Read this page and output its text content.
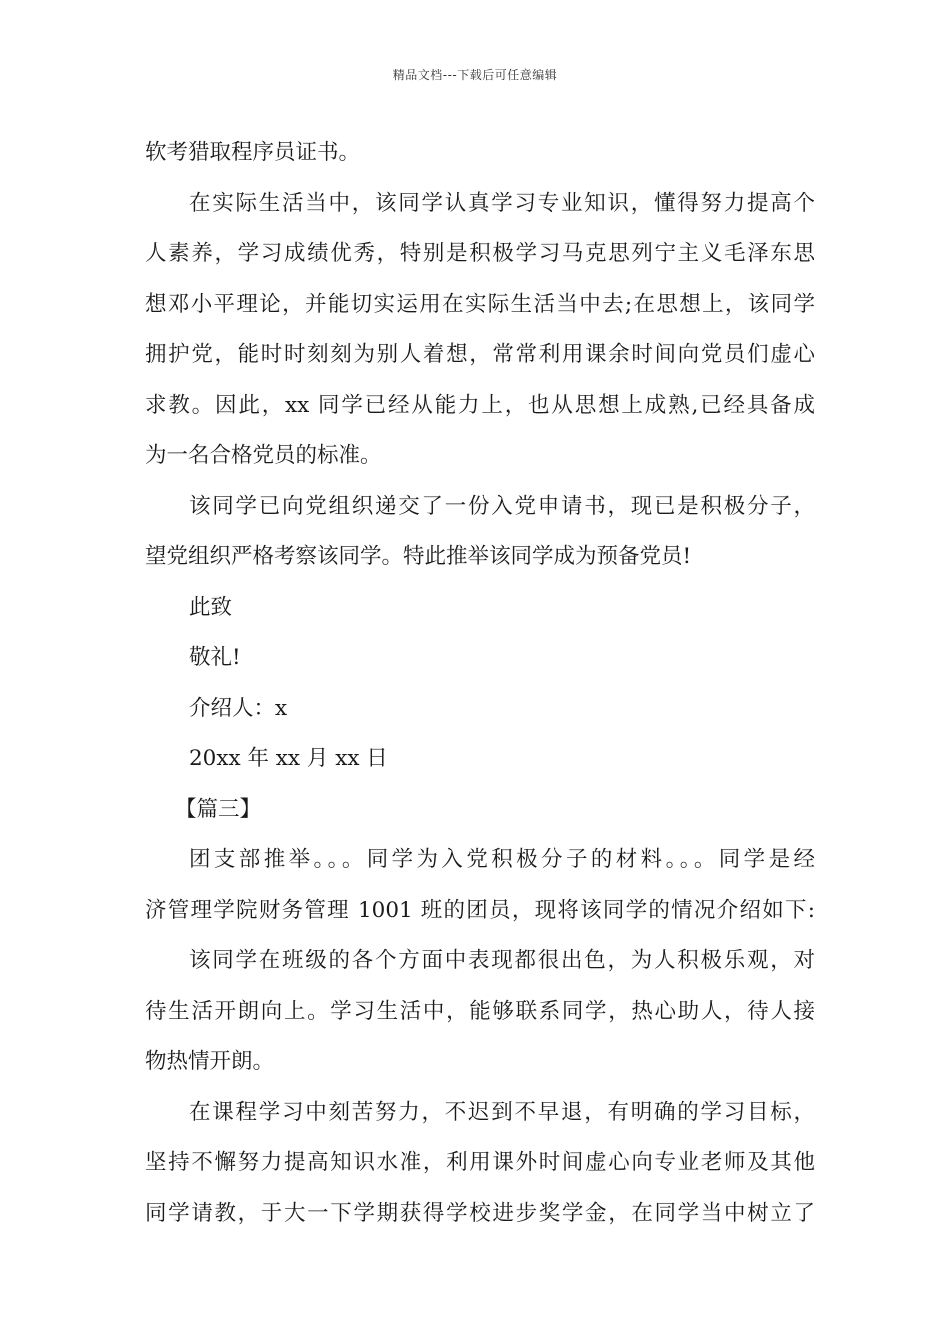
精品文档---下载后可任意编辑
软考猎取程序员证书。
在实际生活当中，该同学认真学习专业知识，懂得努力提高个
人素养，学习成绩优秀，特别是积极学习马克思列宁主义毛泽东思
想邓小平理论，并能切实运用在实际生活当中去;在思想上，该同学
拥护党，能时时刻刻为别人着想，常常利用课余时间向党员们虚心
求教。因此，xx 同学已经从能力上，也从思想上成熟,已经具备成
为一名合格党员的标准。
该同学已向党组织递交了一份入党申请书，现已是积极分子，
望党组织严格考察该同学。特此推举该同学成为预备党员!
此致
敬礼!
介绍人：x
20xx 年 xx 月 xx 日
【篇三】
团支部推举。。。同学为入党积极分子的材料。。。同学是经
济管理学院财务管理 1001 班的团员，现将该同学的情况介绍如下:
该同学在班级的各个方面中表现都很出色，为人积极乐观，对
待生活开朗向上。学习生活中，能够联系同学，热心助人，待人接
物热情开朗。
在课程学习中刻苦努力，不迟到不早退，有明确的学习目标，
坚持不懈努力提高知识水准，利用课外时间虚心向专业老师及其他
同学请教，于大一下学期获得学校进步奖学金，在同学当中树立了
